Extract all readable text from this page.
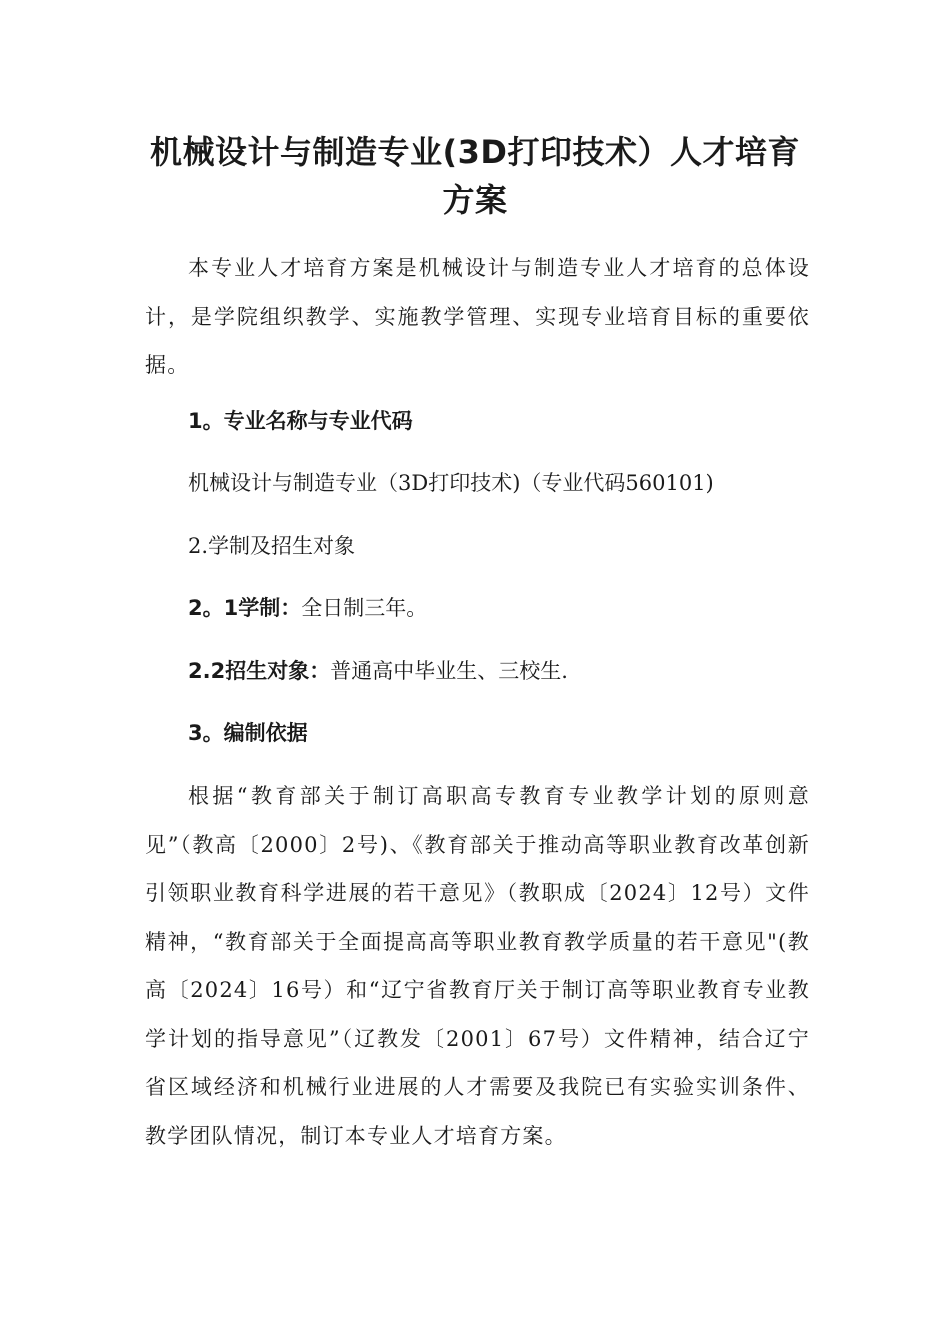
机械设计与制造专业(3D打印技术）人才培育方案

本专业人才培育方案是机械设计与制造专业人才培育的总体设计，是学院组织教学、实施教学管理、实现专业培育目标的重要依据。

1。专业名称与专业代码

机械设计与制造专业（3D打印技术)（专业代码560101)

2.学制及招生对象

2。1学制：全日制三年。

2.2招生对象：普通高中毕业生、三校生.

3。编制依据

根据“教育部关于制订高职高专教育专业教学计划的原则意见”（教高〔2000〕2号)、《教育部关于推动高等职业教育改革创新引领职业教育科学进展的若干意见》（教职成〔2024〕12号）文件精神，“教育部关于全面提高高等职业教育教学质量的若干意见"(教高〔2024〕16号）和“辽宁省教育厅关于制订高等职业教育专业教学计划的指导意见”（辽教发〔2001〕67号）文件精神，结合辽宁省区域经济和机械行业进展的人才需要及我院已有实验实训条件、教学团队情况，制订本专业人才培育方案。
